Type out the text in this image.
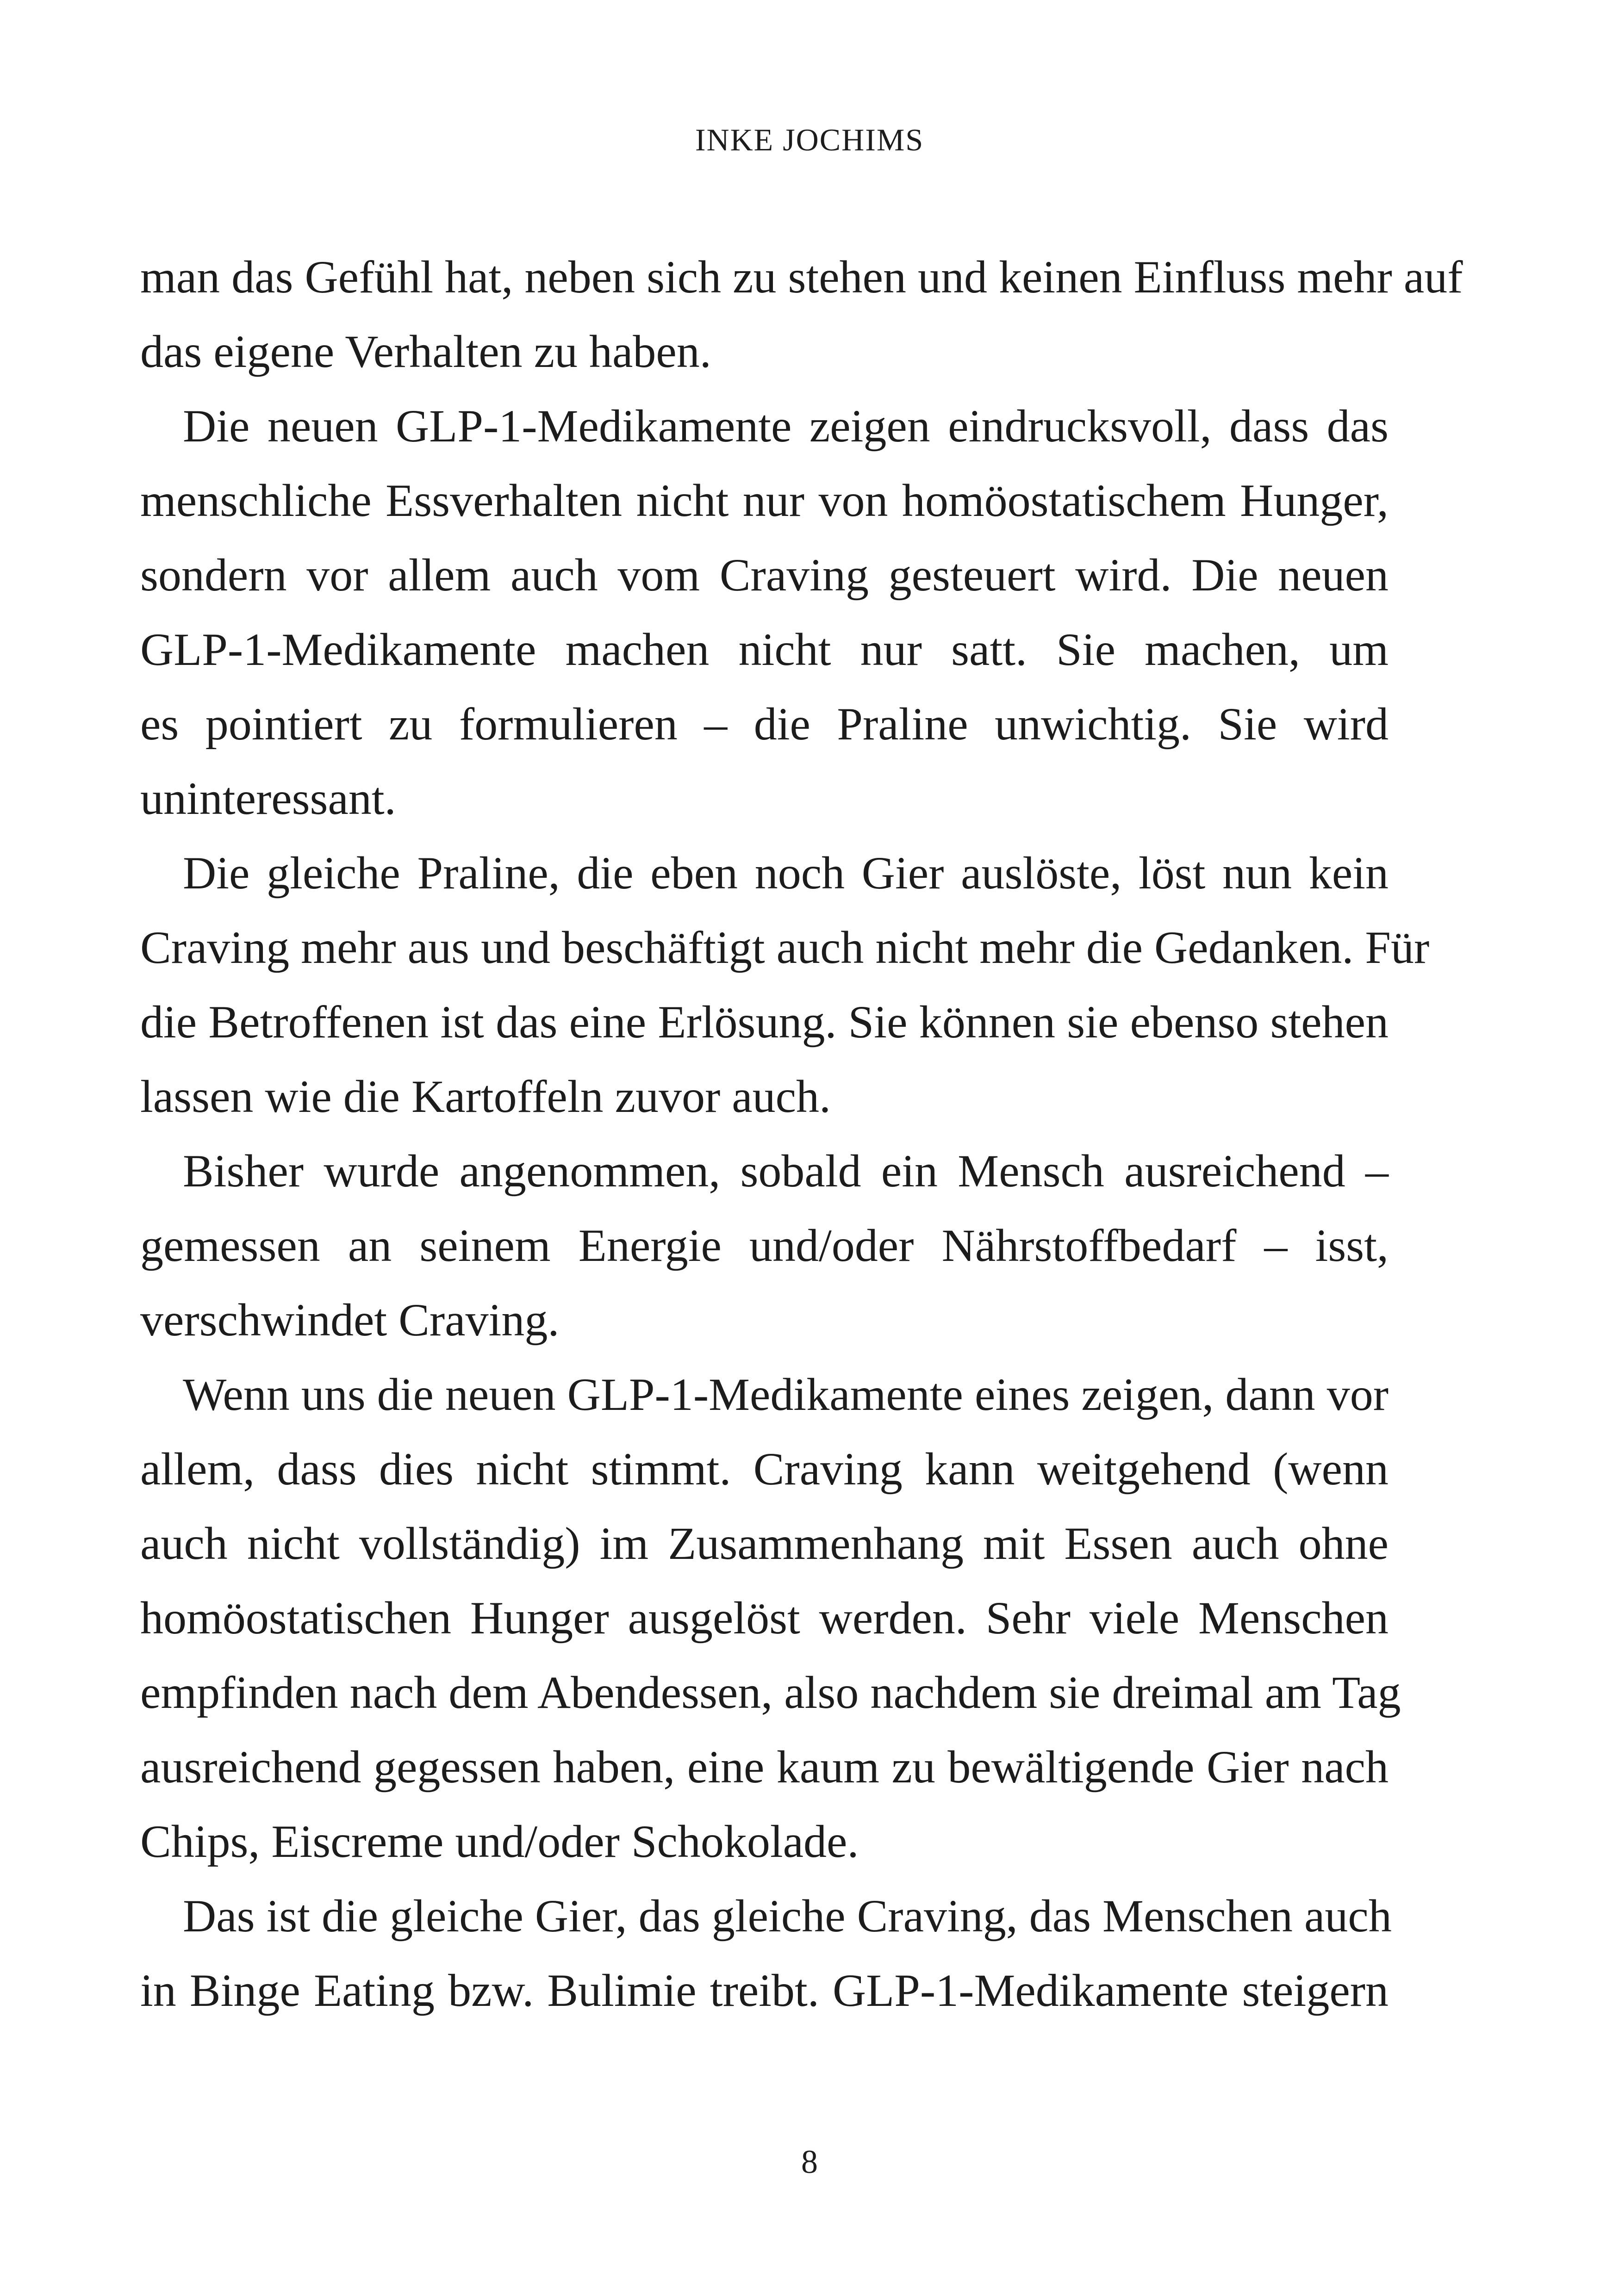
INKE JOCHIMS
man das Gefühl hat, neben sich zu stehen und keinen Einfluss mehr auf
das eigene Verhalten zu haben.
Die neuen GLP-1-Medikamente zeigen eindrucksvoll, dass das
menschliche Essverhalten nicht nur von homöostatischem Hunger,
sondern vor allem auch vom Craving gesteuert wird. Die neuen
GLP-1-Medikamente machen nicht nur satt. Sie machen, um
es pointiert zu formulieren – die Praline unwichtig. Sie wird
uninteressant.
Die gleiche Praline, die eben noch Gier auslöste, löst nun kein
Craving mehr aus und beschäftigt auch nicht mehr die Gedanken. Für
die Betroffenen ist das eine Erlösung. Sie können sie ebenso stehen
lassen wie die Kartoffeln zuvor auch.
Bisher wurde angenommen, sobald ein Mensch ausreichend –
gemessen an seinem Energie und/oder Nährstoffbedarf – isst,
verschwindet Craving.
Wenn uns die neuen GLP-1-Medikamente eines zeigen, dann vor
allem, dass dies nicht stimmt. Craving kann weitgehend (wenn
auch nicht vollständig) im Zusammenhang mit Essen auch ohne
homöostatischen Hunger ausgelöst werden. Sehr viele Menschen
empfinden nach dem Abendessen, also nachdem sie dreimal am Tag
ausreichend gegessen haben, eine kaum zu bewältigende Gier nach
Chips, Eiscreme und/oder Schokolade.
Das ist die gleiche Gier, das gleiche Craving, das Menschen auch
in Binge Eating bzw. Bulimie treibt. GLP-1-Medikamente steigern
8
